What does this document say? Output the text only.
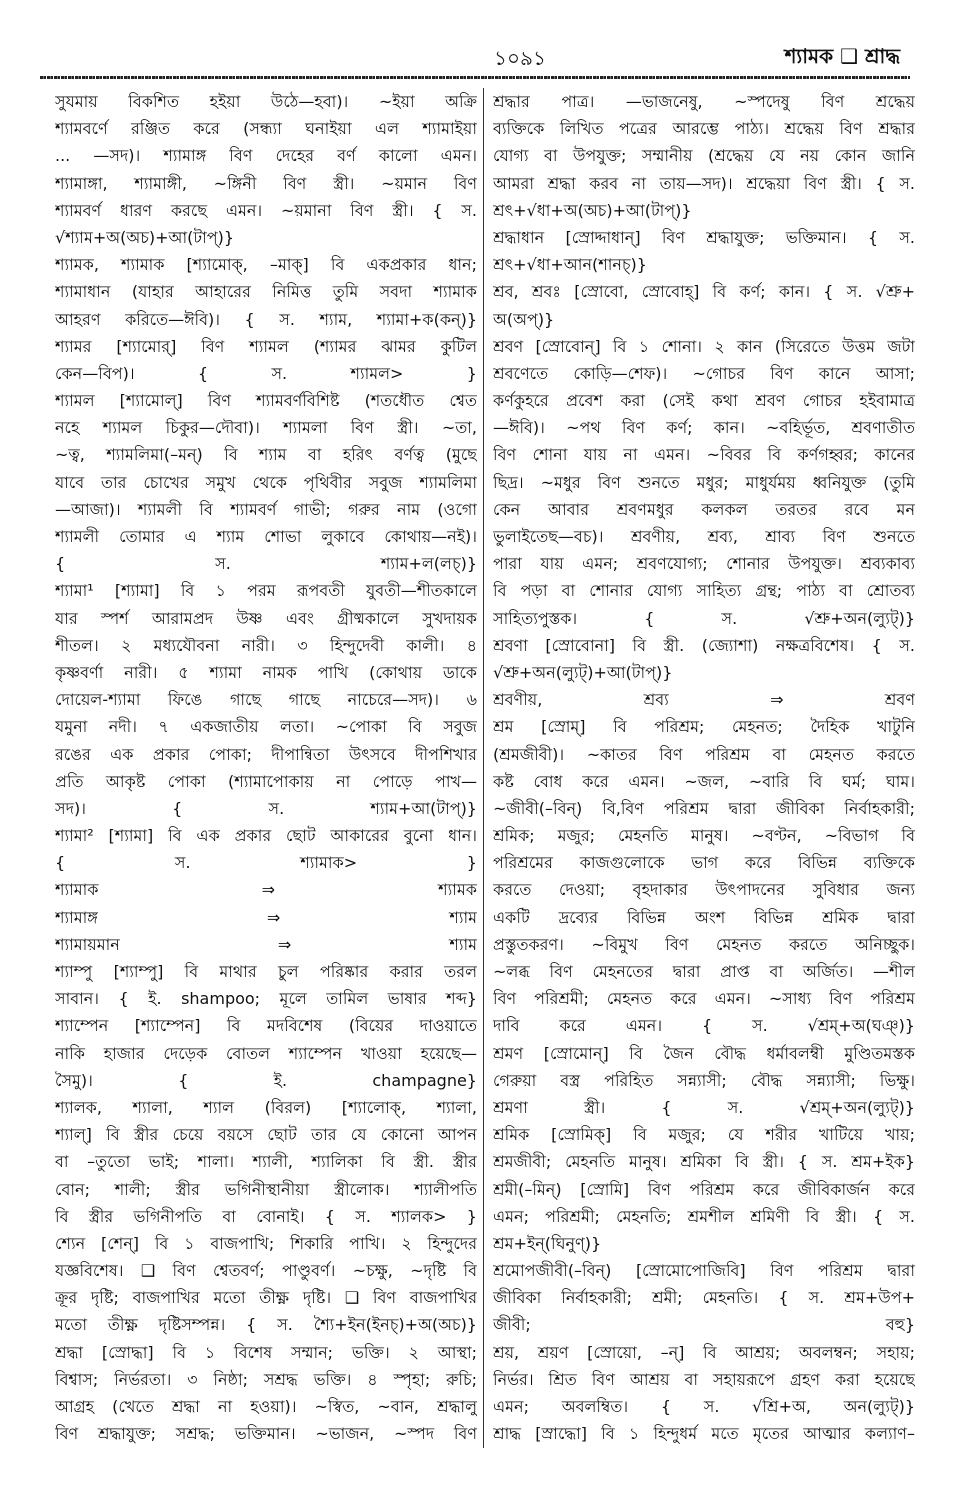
১০৯১	শ্যামক ❑ শ্রাদ্ধ
সুযমায় বিকশিত হইয়া উঠে—হবা)। ~ইয়া অক্রি
শ্যামবর্ণে রঞ্জিত করে (সন্ধ্যা ঘনাইয়া এল শ্যামাইয়া
... —সদ)। শ্যামাঙ্গ বিণ দেহের বর্ণ কালো এমন।
শ্যামাঙ্গা, শ্যামাঙ্গী, ~ঙ্গিনী বিণ স্ত্রী। ~য়মান বিণ
শ্যামবর্ণ ধারণ করছে এমন। ~য়মানা বিণ স্ত্রী। { স.
√শ্যাম+অ(অচ)+আ(টাপ্)}
শ্যামক, শ্যামাক [শ্যামোক্, –মাক্] বি একপ্রকার ধান;
শ্যামাধান (যাহার আহারের নিমিত্ত তুমি সবদা শ্যামাক
আহরণ করিতে—ঈবি)। { স. শ্যাম, শ্যামা+ক(কন্)}
শ্যামর [শ্যামোর্] বিণ শ্যামল (শ্যামর ঝামর কুটিল
কেন—বিপ)। { স. শ্যামল> }
শ্যামল [শ্যামোল্] বিণ শ্যামবর্ণবিশিষ্ট (শতধৌত শ্বেত
নহে শ্যামল চিকুর—দৌবা)। শ্যামলা বিণ স্ত্রী। ~তা,
~ত্ব, শ্যামলিমা(–মন্) বি শ্যাম বা হরিৎ বর্ণত্ব (মুছে
যাবে তার চোখের সমুখ থেকে পৃথিবীর সবুজ শ্যামলিমা
—আজা)। শ্যামলী বি শ্যামবর্ণ গাভী; গরুর নাম (ওগো
শ্যামলী তোমার এ শ্যাম শোভা লুকাবে কোথায়—নই)।
{ স. শ্যাম+ল(লচ্)}
শ্যামা¹ [শ্যামা] বি ১ পরম রূপবতী যুবতী—শীতকালে
যার স্পর্শ আরামপ্রদ উষ্ণ এবং গ্রীষ্মকালে সুখদায়ক
শীতল। ২ মধ্যযৌবনা নারী। ৩ হিন্দুদেবী কালী। ৪
কৃষ্ণবর্ণা নারী। ৫ শ্যামা নামক পাখি (কোথায় ডাকে
দোয়েল-শ্যামা ফিঙে গাছে গাছে নাচেরে—সদ)। ৬
যমুনা নদী। ৭ একজাতীয় লতা। ~পোকা বি সবুজ
রঙের এক প্রকার পোকা; দীপান্বিতা উৎসবে দীপশিখার
প্রতি আকৃষ্ট পোকা (শ্যামাপোকায় না পোড়ে পাখ—
সদ)। { স. শ্যাম+আ(টাপ্)}
শ্যামা² [শ্যামা] বি এক প্রকার ছোট আকারের বুনো ধান।
{ স. শ্যামাক> }
শ্যামাক ⇒ শ্যামক
শ্যামাঙ্গ ⇒ শ্যাম
শ্যামায়মান ⇒ শ্যাম
শ্যাম্পু [শ্যাম্পু] বি মাথার চুল পরিষ্কার করার তরল
সাবান। { ই. shampoo; মূলে তামিল ভাষার শব্দ}
শ্যাম্পেন [শ্যাম্পেন] বি মদবিশেষ (বিয়ের দাওয়াতে
নাকি হাজার দেড়েক বোতল শ্যাম্পেন খাওয়া হয়েছে—
সৈমু)। { ই. champagne}
শ্যালক, শ্যালা, শ্যাল (বিরল) [শ্যালোক্, শ্যালা,
শ্যাল্] বি স্ত্রীর চেয়ে বয়সে ছোট তার যে কোনো আপন
বা –তুতো ভাই; শালা। শ্যালী, শ্যালিকা বি স্ত্রী. স্ত্রীর
বোন; শালী; স্ত্রীর ভগিনীস্থানীয়া স্ত্রীলোক। শ্যালীপতি
বি স্ত্রীর ভগিনীপতি বা বোনাই। { স. শ্যালক> }
শ্যেন [শেন্] বি ১ বাজপাখি; শিকারি পাখি। ২ হিন্দুদের
যজ্ঞবিশেষ। ❑ বিণ শ্বেতবর্ণ; পাণ্ডুবর্ণ। ~চক্ষু, ~দৃষ্টি বি
ক্রূর দৃষ্টি; বাজপাখির মতো তীক্ষ্ণ দৃষ্টি। ❑ বিণ বাজপাখির
মতো তীক্ষ্ণ দৃষ্টিসম্পন্ন। { স. শ্যৈ+ইন(ইনচ্)+অ(অচ)}
শ্রদ্ধা [স্রোদ্ধা] বি ১ বিশেষ সম্মান; ভক্তি। ২ আস্থা;
বিশ্বাস; নির্ভরতা। ৩ নিষ্ঠা; সশ্রদ্ধ ভক্তি। ৪ স্পৃহা; রুচি;
আগ্রহ (খেতে শ্রদ্ধা না হওয়া)। ~স্বিত, ~বান, শ্রদ্ধালু
বিণ শ্রদ্ধাযুক্ত; সশ্রদ্ধ; ভক্তিমান। ~ভাজন, ~স্পদ বিণ
শ্রদ্ধার পাত্র। —ভাজনেষু, ~স্পদেষু বিণ শ্রদ্ধেয়
ব্যক্তিকে লিখিত পত্রের আরম্ভে পাঠ্য। শ্রদ্ধেয় বিণ শ্রদ্ধার
যোগ্য বা উপযুক্ত; সম্মানীয় (শ্রদ্ধেয় যে নয় কোন জানি
আমরা শ্রদ্ধা করব না তায়—সদ)। শ্রদ্ধেয়া বিণ স্ত্রী। { স.
শ্রৎ+√ধা+অ(অচ)+আ(টাপ্)}
শ্রদ্ধাধান [স্রোদ্দাধান্] বিণ শ্রদ্ধাযুক্ত; ভক্তিমান। { স.
শ্রৎ+√ধা+আন(শানচ্)}
শ্রব, শ্রবঃ [স্রোবো, স্রোবোহ্] বি কর্ণ; কান। { স. √শ্রু+
অ(অপ্)}
শ্রবণ [স্রোবোন্] বি ১ শোনা। ২ কান (সিরেতে উত্তম জটা
শ্রবণেতে কোড়ি—শেফ)। ~গোচর বিণ কানে আসা;
কর্ণকুহরে প্রবেশ করা (সেই কথা শ্রবণ গোচর হইবামাত্র
—ঈবি)। ~পথ বিণ কর্ণ; কান। ~বহির্ভূত, শ্রবণাতীত
বিণ শোনা যায় না এমন। ~বিবর বি কর্ণগহ্বর; কানের
ছিদ্র। ~মধুর বিণ শুনতে মধুর; মাধুর্যময় ধ্বনিযুক্ত (তুমি
কেন আবার শ্রবণমধুর কলকল তরতর রবে মন
ভুলাইতেছ—বচ)। শ্রবণীয়, শ্রব্য, শ্রাব্য বিণ শুনতে
পারা যায় এমন; শ্রবণযোগ্য; শোনার উপযুক্ত। শ্রব্যকাব্য
বি পড়া বা শোনার যোগ্য সাহিত্য গ্রন্থ; পাঠ্য বা শ্রোতব্য
সাহিত্যপুস্তক। { স. √শ্রু+অন(ল্যুট্)}
শ্রবণা [স্রোবোনা] বি স্ত্রী. (জ্যোশা) নক্ষত্রবিশেষ। { স.
√শ্রু+অন(ল্যুট্)+আ(টাপ্)}
শ্রবণীয়, শ্রব্য ⇒ শ্রবণ
শ্রম [স্রোম্] বি পরিশ্রম; মেহনত; দৈহিক খাটুনি
(শ্রমজীবী)। ~কাতর বিণ পরিশ্রম বা মেহনত করতে
কষ্ট বোধ করে এমন। ~জল, ~বারি বি ঘর্ম; ঘাম।
~জীবী(–বিন্) বি,বিণ পরিশ্রম দ্বারা জীবিকা নির্বাহকারী;
শ্রমিক; মজুর; মেহনতি মানুষ। ~বণ্টন, ~বিভাগ বি
পরিশ্রমের কাজগুলোকে ভাগ করে বিভিন্ন ব্যক্তিকে
করতে দেওয়া; বৃহদাকার উৎপাদনের সুবিধার জন্য
একটি দ্রব্যের বিভিন্ন অংশ বিভিন্ন শ্রমিক দ্বারা
প্রস্তুতকরণ। ~বিমুখ বিণ মেহনত করতে অনিচ্ছুক।
~লব্ধ বিণ মেহনতের দ্বারা প্রাপ্ত বা অর্জিত। —শীল
বিণ পরিশ্রমী; মেহনত করে এমন। ~সাধ্য বিণ পরিশ্রম
দাবি করে এমন। { স. √শ্রম্+অ(ঘঞ্)}
শ্রমণ [স্রোমোন্] বি জৈন বৌদ্ধ ধর্মাবলম্বী মুণ্ডিতমস্তক
গেরুয়া বস্ত্র পরিহিত সন্ন্যাসী; বৌদ্ধ সন্ন্যাসী; ভিক্ষু।
শ্রমণা স্ত্রী। { স. √শ্রম্+অন(ল্যুট্)}
শ্রমিক [স্রোমিক্] বি মজুর; যে শরীর খাটিয়ে খায়;
শ্রমজীবী; মেহনতি মানুষ। শ্রমিকা বি স্ত্রী। { স. শ্রম+ইক}
শ্রমী(–মিন্) [স্রোমি] বিণ পরিশ্রম করে জীবিকার্জন করে
এমন; পরিশ্রমী; মেহনতি; শ্রমশীল শ্রমিণী বি স্ত্রী। { স.
শ্রম+ইন্(ঘিনুণ্)}
শ্রমোপজীবী(–বিন্) [স্রোমোপোজিবি] বিণ পরিশ্রম দ্বারা
জীবিকা নির্বাহকারী; শ্রমী; মেহনতি। { স. শ্রম+উপ+
জীবী; বহু}
শ্রয়, শ্রয়ণ [স্রোয়ো, –ন্] বি আশ্রয়; অবলম্বন; সহায়;
নির্ভর। শ্রিত বিণ আশ্রয় বা সহায়রূপে গ্রহণ করা হয়েছে
এমন; অবলম্বিত। { স. √শ্রি+অ, অন(ল্যুট্)}
শ্রাদ্ধ [স্রাদ্ধো] বি ১ হিন্দুধর্ম মতে মৃতের আত্মার কল্যাণ–
